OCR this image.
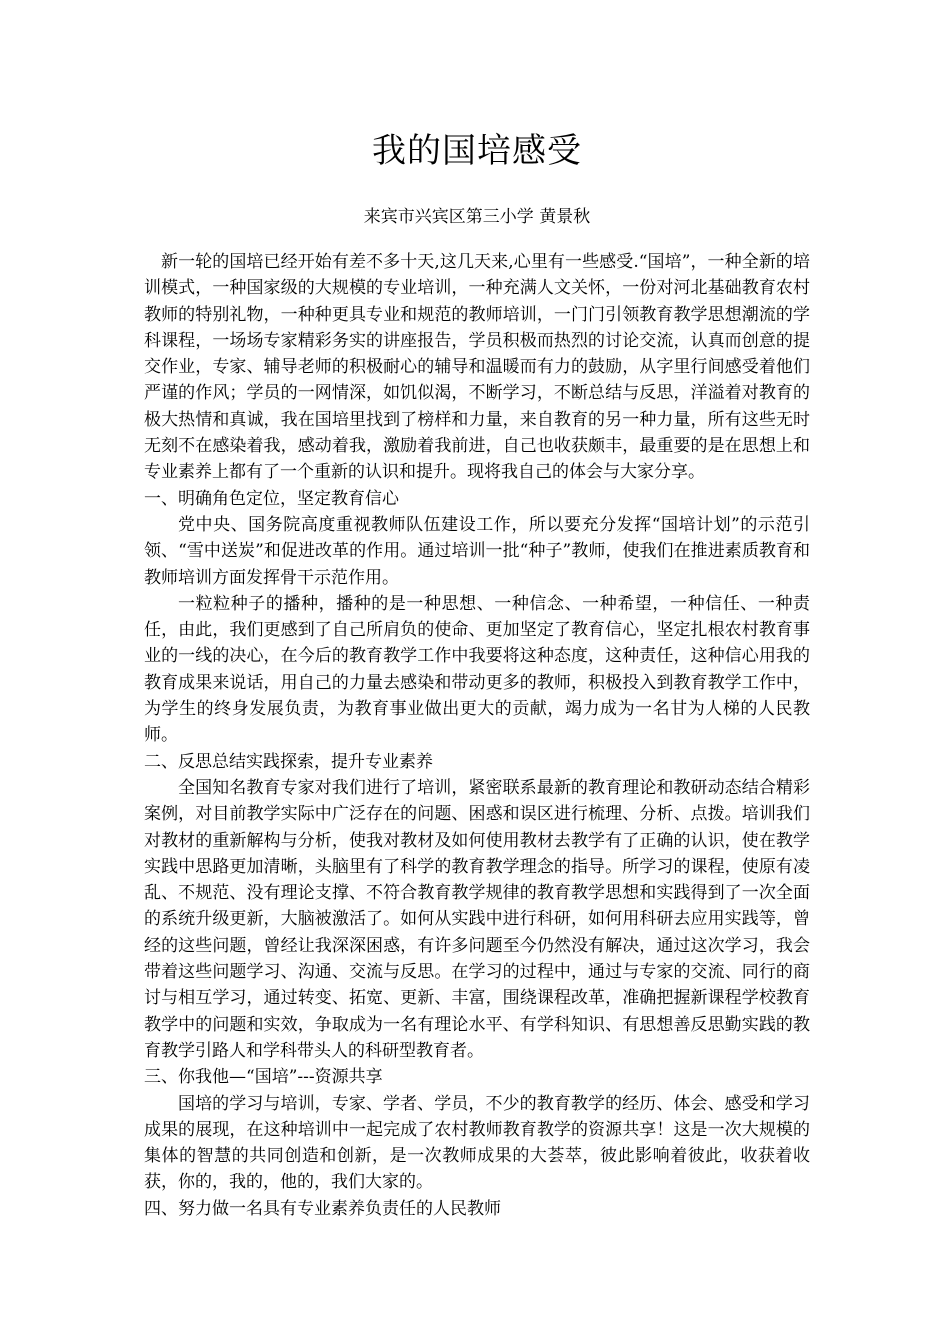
我的国培感受

来宾市兴宾区第三小学 黄景秋

新一轮的国培已经开始有差不多十天,这几天来,心里有一些感受.“国培”，一种全新的培训模式，一种国家级的大规模的专业培训，一种充满人文关怀，一份对河北基础教育农村教师的特别礼物，一种种更具专业和规范的教师培训，一门门引领教育教学思想潮流的学科课程，一场场专家精彩务实的讲座报告，学员积极而热烈的讨论交流，认真而创意的提交作业，专家、辅导老师的积极耐心的辅导和温暖而有力的鼓励，从字里行间感受着他们严谨的作风；学员的一网情深，如饥似渴，不断学习，不断总结与反思，洋溢着对教育的极大热情和真诚，我在国培里找到了榜样和力量，来自教育的另一种力量，所有这些无时无刻不在感染着我，感动着我，激励着我前进，自己也收获颇丰，最重要的是在思想上和专业素养上都有了一个重新的认识和提升。现将我自己的体会与大家分享。

一、明确角色定位，坚定教育信心

党中央、国务院高度重视教师队伍建设工作，所以要充分发挥“国培计划”的示范引领、“雪中送炭”和促进改革的作用。通过培训一批“种子”教师，使我们在推进素质教育和教师培训方面发挥骨干示范作用。

一粒粒种子的播种，播种的是一种思想、一种信念、一种希望，一种信任、一种责任，由此，我们更感到了自己所肩负的使命、更加坚定了教育信心，坚定扎根农村教育事业的一线的决心，在今后的教育教学工作中我要将这种态度，这种责任，这种信心用我的教育成果来说话，用自己的力量去感染和带动更多的教师，积极投入到教育教学工作中，为学生的终身发展负责，为教育事业做出更大的贡献，竭力成为一名甘为人梯的人民教师。

二、反思总结实践探索，提升专业素养

全国知名教育专家对我们进行了培训，紧密联系最新的教育理论和教研动态结合精彩案例，对目前教学实际中广泛存在的问题、困惑和误区进行梳理、分析、点拨。培训我们对教材的重新解构与分析，使我对教材及如何使用教材去教学有了正确的认识，使在教学实践中思路更加清晰，头脑里有了科学的教育教学理念的指导。所学习的课程，使原有凌乱、不规范、没有理论支撑、不符合教育教学规律的教育教学思想和实践得到了一次全面的系统升级更新，大脑被激活了。如何从实践中进行科研，如何用科研去应用实践等，曾经的这些问题，曾经让我深深困惑，有许多问题至今仍然没有解决，通过这次学习，我会带着这些问题学习、沟通、交流与反思。在学习的过程中，通过与专家的交流、同行的商讨与相互学习，通过转变、拓宽、更新、丰富，围绕课程改革，准确把握新课程学校教育教学中的问题和实效，争取成为一名有理论水平、有学科知识、有思想善反思勤实践的教育教学引路人和学科带头人的科研型教育者。

三、你我他—“国培”---资源共享

国培的学习与培训，专家、学者、学员，不少的教育教学的经历、体会、感受和学习成果的展现，在这种培训中一起完成了农村教师教育教学的资源共享！这是一次大规模的集体的智慧的共同创造和创新，是一次教师成果的大荟萃，彼此影响着彼此，收获着收获，你的，我的，他的，我们大家的。

四、努力做一名具有专业素养负责任的人民教师
